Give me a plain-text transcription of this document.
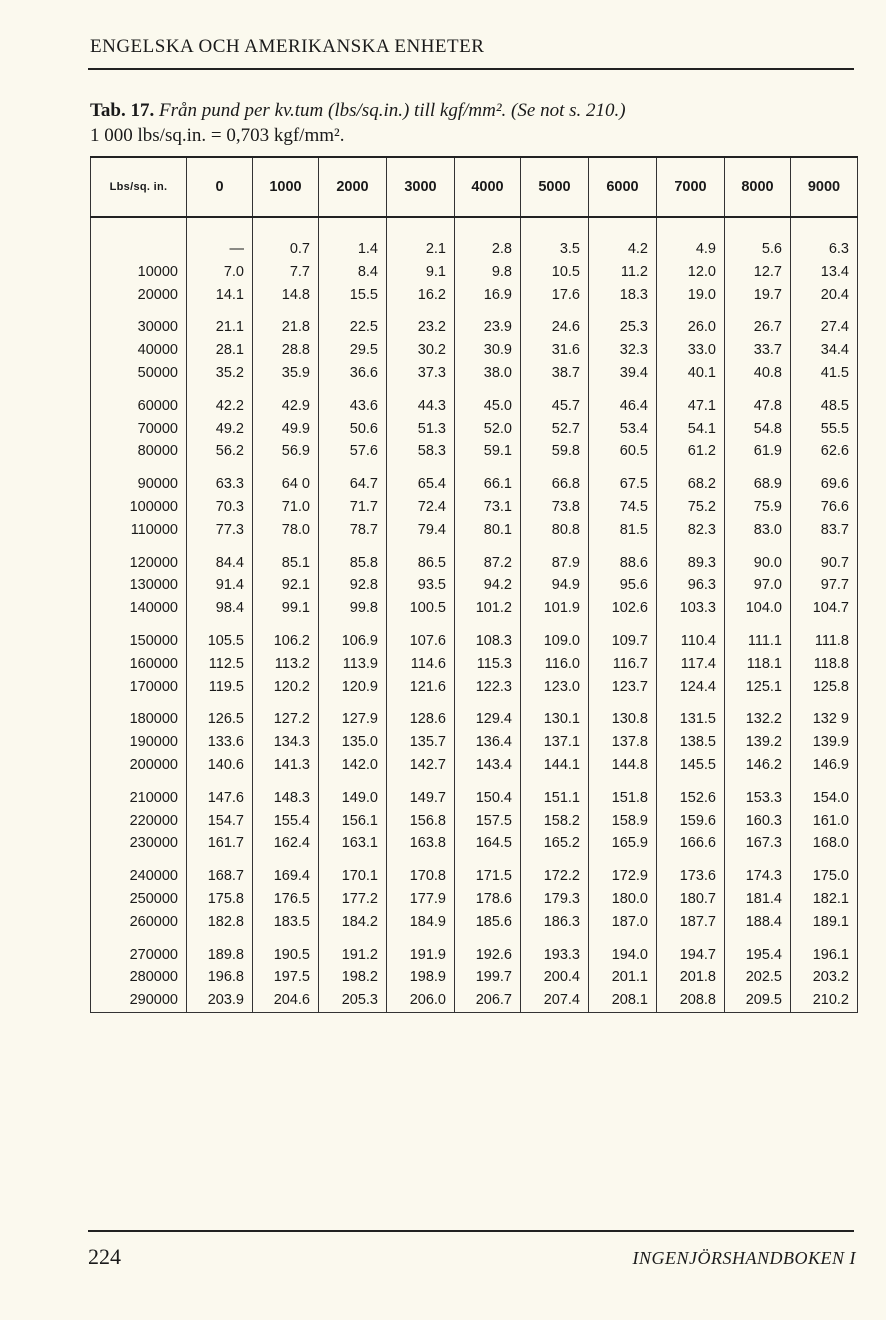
ENGELSKA OCH AMERIKANSKA ENHETER
Tab. 17. Från pund per kv.tum (lbs/sq.in.) till kgf/mm². (Se not s. 210.)
1 000 lbs/sq.in. = 0,703 kgf/mm².
Lbs/sq. in.	0	1000	2000	3000	4000	5000	6000	7000	8000	9000

	—	0.7	1.4	2.1	2.8	3.5	4.2	4.9	5.6	6.3
10000	7.0	7.7	8.4	9.1	9.8	10.5	11.2	12.0	12.7	13.4
20000	14.1	14.8	15.5	16.2	16.9	17.6	18.3	19.0	19.7	20.4

30000	21.1	21.8	22.5	23.2	23.9	24.6	25.3	26.0	26.7	27.4
40000	28.1	28.8	29.5	30.2	30.9	31.6	32.3	33.0	33.7	34.4
50000	35.2	35.9	36.6	37.3	38.0	38.7	39.4	40.1	40.8	41.5

60000	42.2	42.9	43.6	44.3	45.0	45.7	46.4	47.1	47.8	48.5
70000	49.2	49.9	50.6	51.3	52.0	52.7	53.4	54.1	54.8	55.5
80000	56.2	56.9	57.6	58.3	59.1	59.8	60.5	61.2	61.9	62.6

90000	63.3	64 0	64.7	65.4	66.1	66.8	67.5	68.2	68.9	69.6
100000	70.3	71.0	71.7	72.4	73.1	73.8	74.5	75.2	75.9	76.6
110000	77.3	78.0	78.7	79.4	80.1	80.8	81.5	82.3	83.0	83.7

120000	84.4	85.1	85.8	86.5	87.2	87.9	88.6	89.3	90.0	90.7
130000	91.4	92.1	92.8	93.5	94.2	94.9	95.6	96.3	97.0	97.7
140000	98.4	99.1	99.8	100.5	101.2	101.9	102.6	103.3	104.0	104.7

150000	105.5	106.2	106.9	107.6	108.3	109.0	109.7	110.4	111.1	111.8
160000	112.5	113.2	113.9	114.6	115.3	116.0	116.7	117.4	118.1	118.8
170000	119.5	120.2	120.9	121.6	122.3	123.0	123.7	124.4	125.1	125.8

180000	126.5	127.2	127.9	128.6	129.4	130.1	130.8	131.5	132.2	132 9
190000	133.6	134.3	135.0	135.7	136.4	137.1	137.8	138.5	139.2	139.9
200000	140.6	141.3	142.0	142.7	143.4	144.1	144.8	145.5	146.2	146.9

210000	147.6	148.3	149.0	149.7	150.4	151.1	151.8	152.6	153.3	154.0
220000	154.7	155.4	156.1	156.8	157.5	158.2	158.9	159.6	160.3	161.0
230000	161.7	162.4	163.1	163.8	164.5	165.2	165.9	166.6	167.3	168.0

240000	168.7	169.4	170.1	170.8	171.5	172.2	172.9	173.6	174.3	175.0
250000	175.8	176.5	177.2	177.9	178.6	179.3	180.0	180.7	181.4	182.1
260000	182.8	183.5	184.2	184.9	185.6	186.3	187.0	187.7	188.4	189.1

270000	189.8	190.5	191.2	191.9	192.6	193.3	194.0	194.7	195.4	196.1
280000	196.8	197.5	198.2	198.9	199.7	200.4	201.1	201.8	202.5	203.2
290000	203.9	204.6	205.3	206.0	206.7	207.4	208.1	208.8	209.5	210.2
224	INGENJÖRSHANDBOKEN I
